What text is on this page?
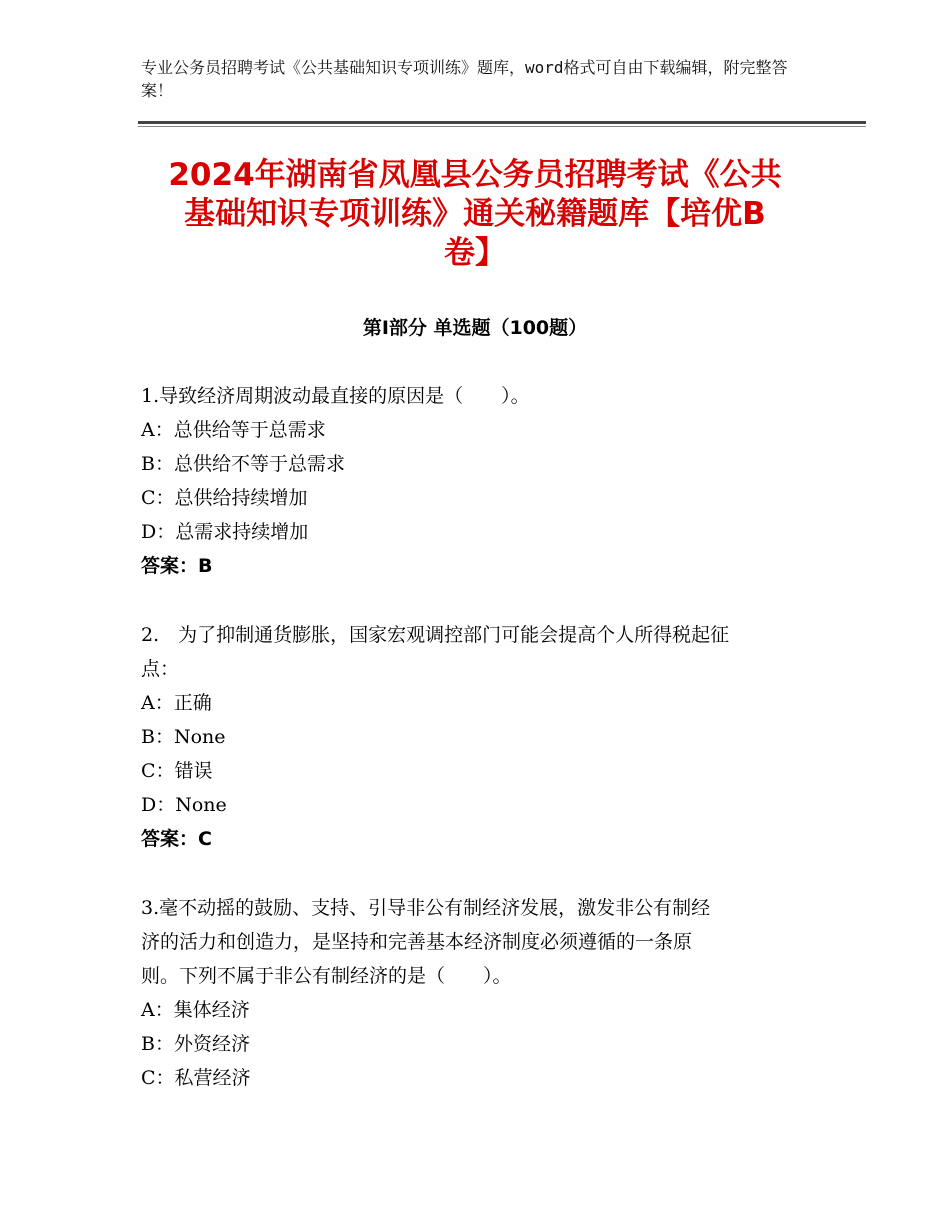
专业公务员招聘考试《公共基础知识专项训练》题库，word格式可自由下载编辑，附完整答案！
2024年湖南省凤凰县公务员招聘考试《公共
基础知识专项训练》通关秘籍题库【培优B
卷】
第Ⅰ部分 单选题（100题）
1.导致经济周期波动最直接的原因是（　　）。
A：总供给等于总需求
B：总供给不等于总需求
C：总供给持续增加
D：总需求持续增加
答案：B
2.　为了抑制通货膨胀，国家宏观调控部门可能会提高个人所得税起征
点：
A：正确
B：None
C：错误
D：None
答案：C
3.毫不动摇的鼓励、支持、引导非公有制经济发展，激发非公有制经
济的活力和创造力，是坚持和完善基本经济制度必须遵循的一条原
则。下列不属于非公有制经济的是（　　）。
A：集体经济
B：外资经济
C：私营经济
